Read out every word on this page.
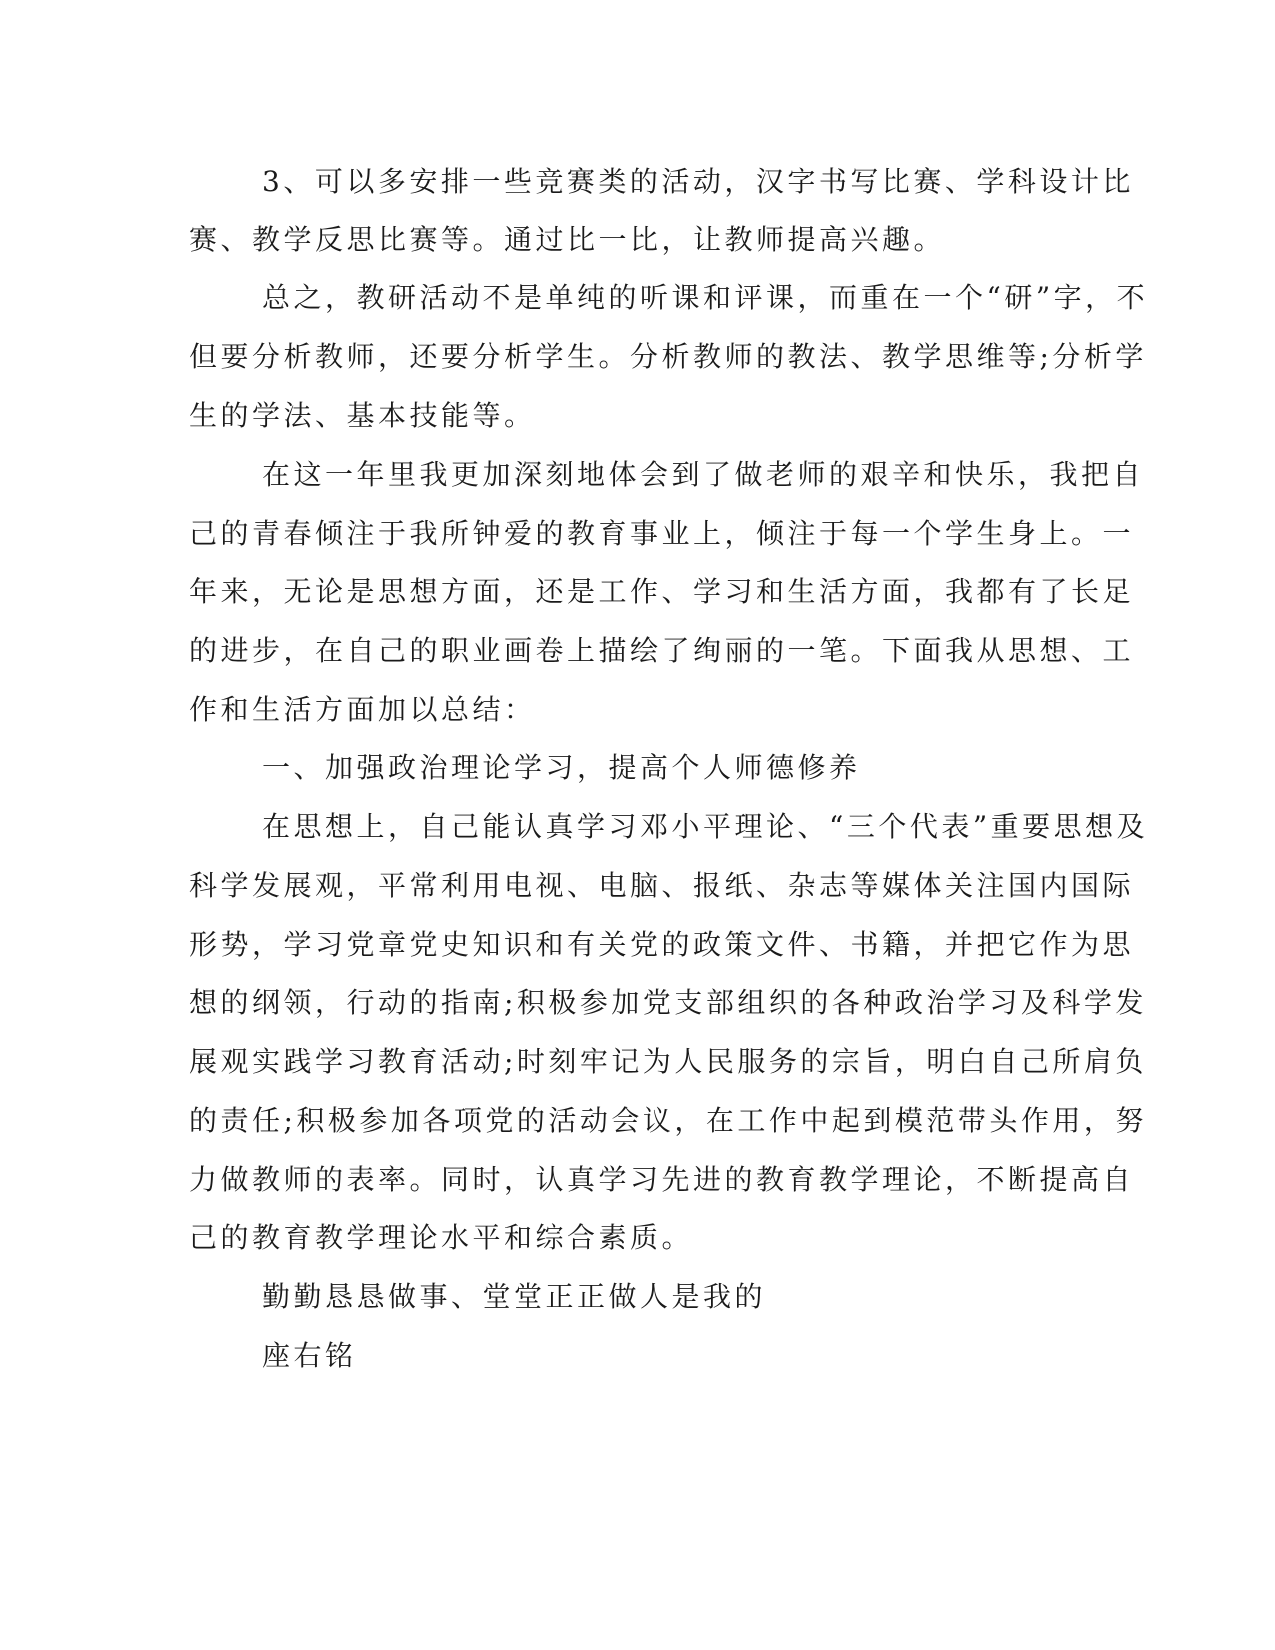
3、可以多安排一些竞赛类的活动，汉字书写比赛、学科设计比
赛、教学反思比赛等。通过比一比，让教师提高兴趣。
总之，教研活动不是单纯的听课和评课，而重在一个“研”字，不
但要分析教师，还要分析学生。分析教师的教法、教学思维等;分析学
生的学法、基本技能等。
在这一年里我更加深刻地体会到了做老师的艰辛和快乐，我把自
己的青春倾注于我所钟爱的教育事业上，倾注于每一个学生身上。一
年来，无论是思想方面，还是工作、学习和生活方面，我都有了长足
的进步，在自己的职业画卷上描绘了绚丽的一笔。下面我从思想、工
作和生活方面加以总结：
一、加强政治理论学习，提高个人师德修养
在思想上，自己能认真学习邓小平理论、“三个代表”重要思想及
科学发展观，平常利用电视、电脑、报纸、杂志等媒体关注国内国际
形势，学习党章党史知识和有关党的政策文件、书籍，并把它作为思
想的纲领，行动的指南;积极参加党支部组织的各种政治学习及科学发
展观实践学习教育活动;时刻牢记为人民服务的宗旨，明白自己所肩负
的责任;积极参加各项党的活动会议，在工作中起到模范带头作用，努
力做教师的表率。同时，认真学习先进的教育教学理论，不断提高自
己的教育教学理论水平和综合素质。
勤勤恳恳做事、堂堂正正做人是我的
座右铭
